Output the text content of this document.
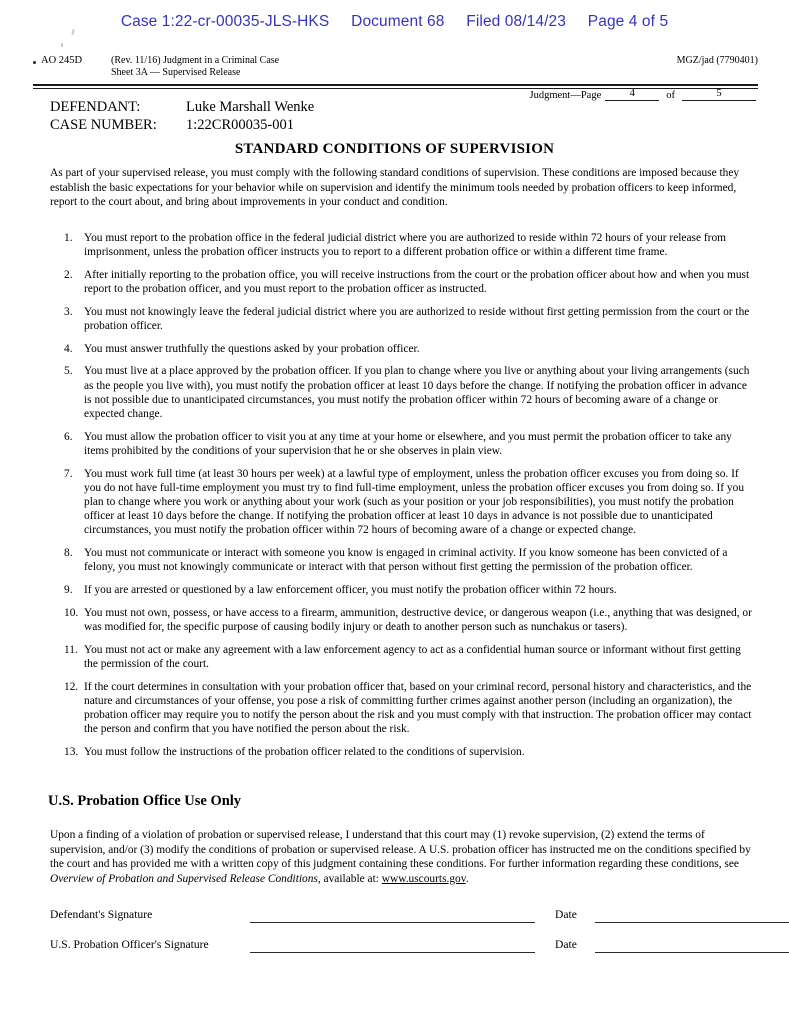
Case 1:22-cr-00035-JLS-HKS Document 68 Filed 08/14/23 Page 4 of 5
AO 245D	(Rev. 11/16) Judgment in a Criminal Case
Sheet 3A — Supervised Release
MGZ/jad (7790401)
Judgment—Page	4	of	5
DEFENDANT:	Luke Marshall Wenke
CASE NUMBER:	1:22CR00035-001
STANDARD CONDITIONS OF SUPERVISION
As part of your supervised release, you must comply with the following standard conditions of supervision. These conditions are imposed because they establish the basic expectations for your behavior while on supervision and identify the minimum tools needed by probation officers to keep informed, report to the court about, and bring about improvements in your conduct and condition.
1.	You must report to the probation office in the federal judicial district where you are authorized to reside within 72 hours of your release from imprisonment, unless the probation officer instructs you to report to a different probation office or within a different time frame.
2.	After initially reporting to the probation office, you will receive instructions from the court or the probation officer about how and when you must report to the probation officer, and you must report to the probation officer as instructed.
3.	You must not knowingly leave the federal judicial district where you are authorized to reside without first getting permission from the court or the probation officer.
4.	You must answer truthfully the questions asked by your probation officer.
5.	You must live at a place approved by the probation officer. If you plan to change where you live or anything about your living arrangements (such as the people you live with), you must notify the probation officer at least 10 days before the change. If notifying the probation officer in advance is not possible due to unanticipated circumstances, you must notify the probation officer within 72 hours of becoming aware of a change or expected change.
6.	You must allow the probation officer to visit you at any time at your home or elsewhere, and you must permit the probation officer to take any items prohibited by the conditions of your supervision that he or she observes in plain view.
7.	You must work full time (at least 30 hours per week) at a lawful type of employment, unless the probation officer excuses you from doing so. If you do not have full-time employment you must try to find full-time employment, unless the probation officer excuses you from doing so. If you plan to change where you work or anything about your work (such as your position or your job responsibilities), you must notify the probation officer at least 10 days before the change. If notifying the probation officer at least 10 days in advance is not possible due to unanticipated circumstances, you must notify the probation officer within 72 hours of becoming aware of a change or expected change.
8.	You must not communicate or interact with someone you know is engaged in criminal activity. If you know someone has been convicted of a felony, you must not knowingly communicate or interact with that person without first getting the permission of the probation officer.
9.	If you are arrested or questioned by a law enforcement officer, you must notify the probation officer within 72 hours.
10. You must not own, possess, or have access to a firearm, ammunition, destructive device, or dangerous weapon (i.e., anything that was designed, or was modified for, the specific purpose of causing bodily injury or death to another person such as nunchakus or tasers).
11. You must not act or make any agreement with a law enforcement agency to act as a confidential human source or informant without first getting the permission of the court.
12. If the court determines in consultation with your probation officer that, based on your criminal record, personal history and characteristics, and the nature and circumstances of your offense, you pose a risk of committing further crimes against another person (including an organization), the probation officer may require you to notify the person about the risk and you must comply with that instruction. The probation officer may contact the person and confirm that you have notified the person about the risk.
13. You must follow the instructions of the probation officer related to the conditions of supervision.
U.S. Probation Office Use Only
Upon a finding of a violation of probation or supervised release, I understand that this court may (1) revoke supervision, (2) extend the terms of supervision, and/or (3) modify the conditions of probation or supervised release. A U.S. probation officer has instructed me on the conditions specified by the court and has provided me with a written copy of this judgment containing these conditions. For further information regarding these conditions, see Overview of Probation and Supervised Release Conditions, available at: www.uscourts.gov.
Defendant's Signature	Date
U.S. Probation Officer's Signature	Date
